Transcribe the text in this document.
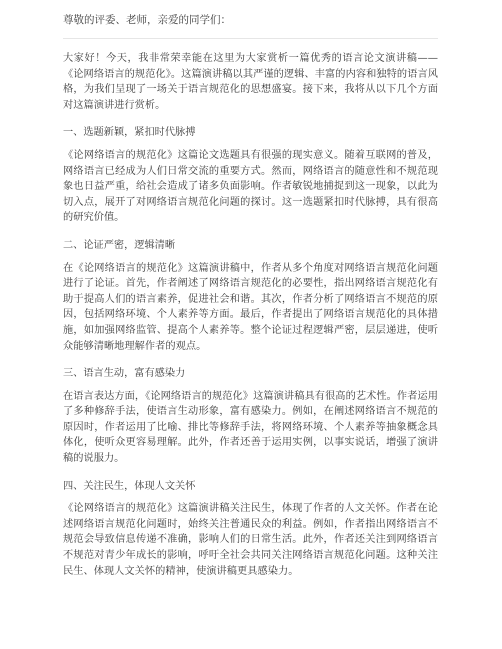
尊敬的评委、老师，亲爱的同学们：

大家好！今天，我非常荣幸能在这里为大家赏析一篇优秀的语言论文演讲稿——《论网络语言的规范化》。这篇演讲稿以其严谨的逻辑、丰富的内容和独特的语言风格，为我们呈现了一场关于语言规范化的思想盛宴。接下来，我将从以下几个方面对这篇演讲进行赏析。

一、选题新颖，紧扣时代脉搏

《论网络语言的规范化》这篇论文选题具有很强的现实意义。随着互联网的普及，网络语言已经成为人们日常交流的重要方式。然而，网络语言的随意性和不规范现象也日益严重，给社会造成了诸多负面影响。作者敏锐地捕捉到这一现象，以此为切入点，展开了对网络语言规范化问题的探讨。这一选题紧扣时代脉搏，具有很高的研究价值。

二、论证严密，逻辑清晰

在《论网络语言的规范化》这篇演讲稿中，作者从多个角度对网络语言规范化问题进行了论证。首先，作者阐述了网络语言规范化的必要性，指出网络语言规范化有助于提高人们的语言素养，促进社会和谐。其次，作者分析了网络语言不规范的原因，包括网络环境、个人素养等方面。最后，作者提出了网络语言规范化的具体措施，如加强网络监管、提高个人素养等。整个论证过程逻辑严密，层层递进，使听众能够清晰地理解作者的观点。

三、语言生动，富有感染力

在语言表达方面，《论网络语言的规范化》这篇演讲稿具有很高的艺术性。作者运用了多种修辞手法，使语言生动形象，富有感染力。例如，在阐述网络语言不规范的原因时，作者运用了比喻、排比等修辞手法，将网络环境、个人素养等抽象概念具体化，使听众更容易理解。此外，作者还善于运用实例，以事实说话，增强了演讲稿的说服力。

四、关注民生，体现人文关怀

《论网络语言的规范化》这篇演讲稿关注民生，体现了作者的人文关怀。作者在论述网络语言规范化问题时，始终关注普通民众的利益。例如，作者指出网络语言不规范会导致信息传递不准确，影响人们的日常生活。此外，作者还关注到网络语言不规范对青少年成长的影响，呼吁全社会共同关注网络语言规范化问题。这种关注民生、体现人文关怀的精神，使演讲稿更具感染力。
